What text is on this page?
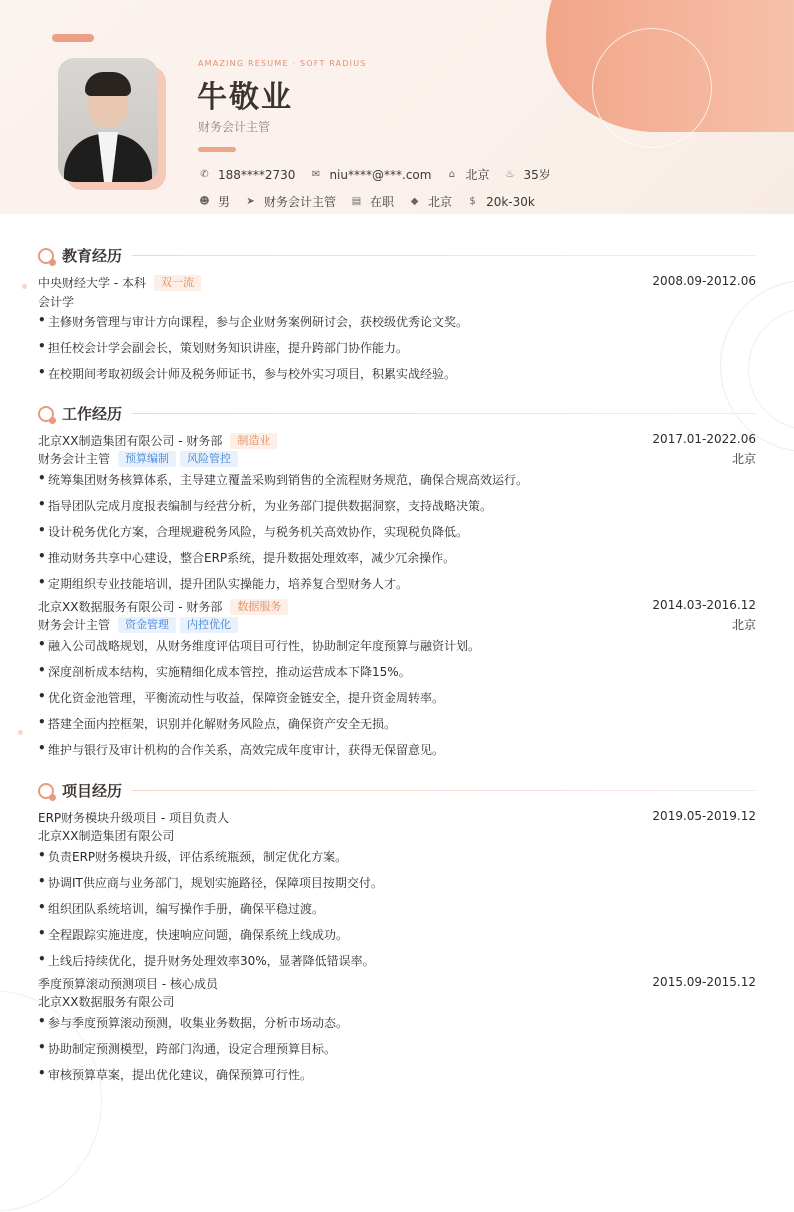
AMAZING RESUME · SOFT RADIUS
牛敬业
财务会计主管
✆ 188****2730 ✉ niu****@***.com	⌂ 北京 ♨ 35岁
☻ 男 ➤ 财务会计主管 ▤ 在职 ◆ 北京	$ 20k-30k
教育经历
中央财经大学 - 本科	双一流	2008.09-2012.06
会计学
• 主修财务管理与审计方向课程，参与企业财务案例研讨会，获校级优秀论文奖。
• 担任校会计学会副会长，策划财务知识讲座，提升跨部门协作能力。
• 在校期间考取初级会计师及税务师证书，参与校外实习项目，积累实战经验。
工作经历
北京XX制造集团有限公司 - 财务部	制造业	2017.01-2022.06
财务会计主管	预算编制	风险管控	北京
• 统筹集团财务核算体系，主导建立覆盖采购到销售的全流程财务规范，确保合规高效运行。
• 指导团队完成月度报表编制与经营分析，为业务部门提供数据洞察，支持战略决策。
• 设计税务优化方案，合理规避税务风险，与税务机关高效协作，实现税负降低。
• 推动财务共享中心建设，整合ERP系统，提升数据处理效率，减少冗余操作。
• 定期组织专业技能培训，提升团队实操能力，培养复合型财务人才。
北京XX数据服务有限公司 - 财务部	数据服务	2014.03-2016.12
财务会计主管	资金管理	内控优化	北京
• 融入公司战略规划，从财务维度评估项目可行性，协助制定年度预算与融资计划。
• 深度剖析成本结构，实施精细化成本管控，推动运营成本下降15%。
• 优化资金池管理，平衡流动性与收益，保障资金链安全，提升资金周转率。
• 搭建全面内控框架，识别并化解财务风险点，确保资产安全无损。
• 维护与银行及审计机构的合作关系，高效完成年度审计，获得无保留意见。
项目经历
ERP财务模块升级项目 - 项目负责人	2019.05-2019.12
北京XX制造集团有限公司
• 负责ERP财务模块升级，评估系统瓶颈，制定优化方案。
• 协调IT供应商与业务部门，规划实施路径，保障项目按期交付。
• 组织团队系统培训，编写操作手册，确保平稳过渡。
• 全程跟踪实施进度，快速响应问题，确保系统上线成功。
• 上线后持续优化，提升财务处理效率30%，显著降低错误率。
季度预算滚动预测项目 - 核心成员	2015.09-2015.12
北京XX数据服务有限公司
• 参与季度预算滚动预测，收集业务数据，分析市场动态。
• 协助制定预测模型，跨部门沟通，设定合理预算目标。
• 审核预算草案，提出优化建议，确保预算可行性。
